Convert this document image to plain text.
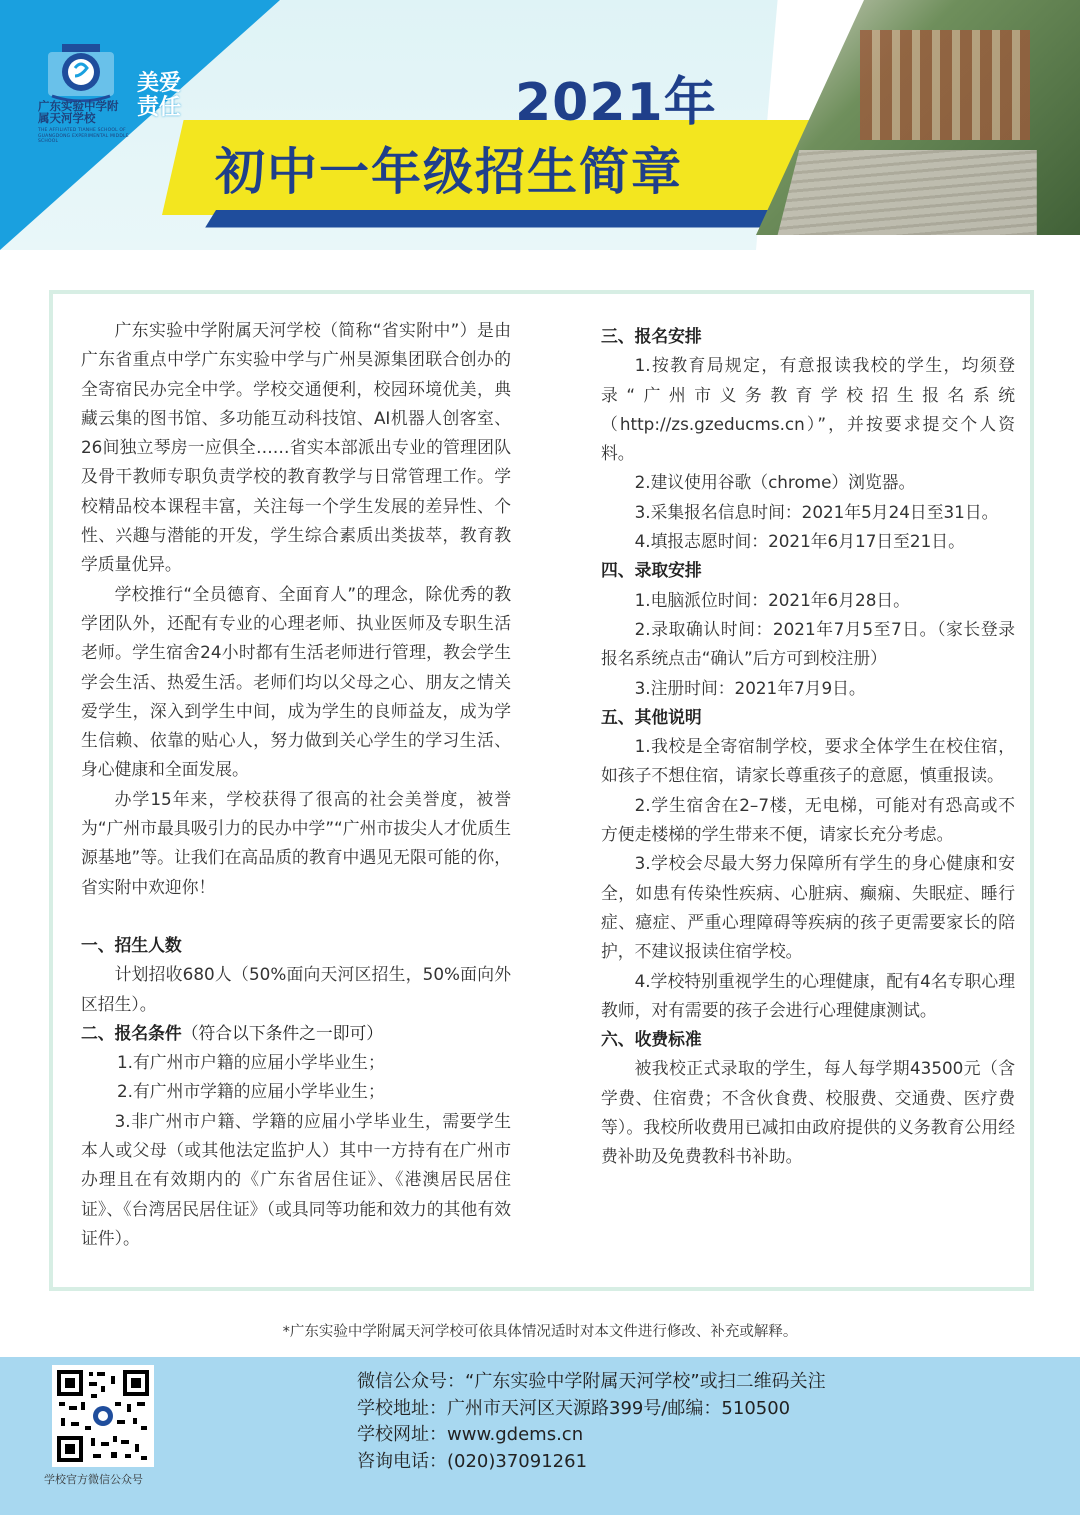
广东实验中学附属天河学校
THE AFFILIATED TIANHE SCHOOL OF GUANGDONG EXPERIMENTAL MIDDLE SCHOOL
美爱
责任	2021年
初中一年级招生简章

广东实验中学附属天河学校（简称“省实附中”）是由广东省重点中学广东实验中学与广州昊源集团联合创办的全寄宿民办完全中学。学校交通便利，校园环境优美，典藏云集的图书馆、多功能互动科技馆、AI机器人创客室、26间独立琴房一应俱全……省实本部派出专业的管理团队及骨干教师专职负责学校的教育教学与日常管理工作。学校精品校本课程丰富，关注每一个学生发展的差异性、个性、兴趣与潜能的开发，学生综合素质出类拔萃，教育教学质量优异。

学校推行“全员德育、全面育人”的理念，除优秀的教学团队外，还配有专业的心理老师、执业医师及专职生活老师。学生宿舍24小时都有生活老师进行管理，教会学生学会生活、热爱生活。老师们均以父母之心、朋友之情关爱学生，深入到学生中间，成为学生的良师益友，成为学生信赖、依靠的贴心人，努力做到关心学生的学习生活、身心健康和全面发展。

办学15年来，学校获得了很高的社会美誉度，被誉为“广州市最具吸引力的民办中学”“广州市拔尖人才优质生源基地”等。让我们在高品质的教育中遇见无限可能的你，省实附中欢迎你！

一、招生人数

计划招收680人（50%面向天河区招生，50%面向外区招生）。

二、报名条件（符合以下条件之一即可）

1.有广州市户籍的应届小学毕业生；

2.有广州市学籍的应届小学毕业生；

3.非广州市户籍、学籍的应届小学毕业生，需要学生本人或父母（或其他法定监护人）其中一方持有在广州市办理且在有效期内的《广东省居住证》、《港澳居民居住证》、《台湾居民居住证》（或具同等功能和效力的其他有效证件）。

三、报名安排

1.按教育局规定，有意报读我校的学生，均须登录“广州市义务教育学校招生报名系统（http://zs.gzeducms.cn）”，并按要求提交个人资料。

2.建议使用谷歌（chrome）浏览器。

3.采集报名信息时间：2021年5月24日至31日。

4.填报志愿时间：2021年6月17日至21日。

四、录取安排

1.电脑派位时间：2021年6月28日。

2.录取确认时间：2021年7月5至7日。（家长登录报名系统点击“确认”后方可到校注册）

3.注册时间：2021年7月9日。

五、其他说明

1.我校是全寄宿制学校，要求全体学生在校住宿，如孩子不想住宿，请家长尊重孩子的意愿，慎重报读。

2.学生宿舍在2–7楼，无电梯，可能对有恐高或不方便走楼梯的学生带来不便，请家长充分考虑。

3.学校会尽最大努力保障所有学生的身心健康和安全，如患有传染性疾病、心脏病、癫痫、失眠症、睡行症、癔症、严重心理障碍等疾病的孩子更需要家长的陪护，不建议报读住宿学校。

4.学校特别重视学生的心理健康，配有4名专职心理教师，对有需要的孩子会进行心理健康测试。

六、收费标准

被我校正式录取的学生，每人每学期43500元（含学费、住宿费；不含伙食费、校服费、交通费、医疗费等）。我校所收费用已减扣由政府提供的义务教育公用经费补助及免费教科书补助。

*广东实验中学附属天河学校可依具体情况适时对本文件进行修改、补充或解释。
学校官方微信公众号
微信公众号：“广东实验中学附属天河学校”或扫二维码关注
学校地址：广州市天河区天源路399号/邮编：510500
学校网址：www.gdems.cn
咨询电话：(020)37091261
